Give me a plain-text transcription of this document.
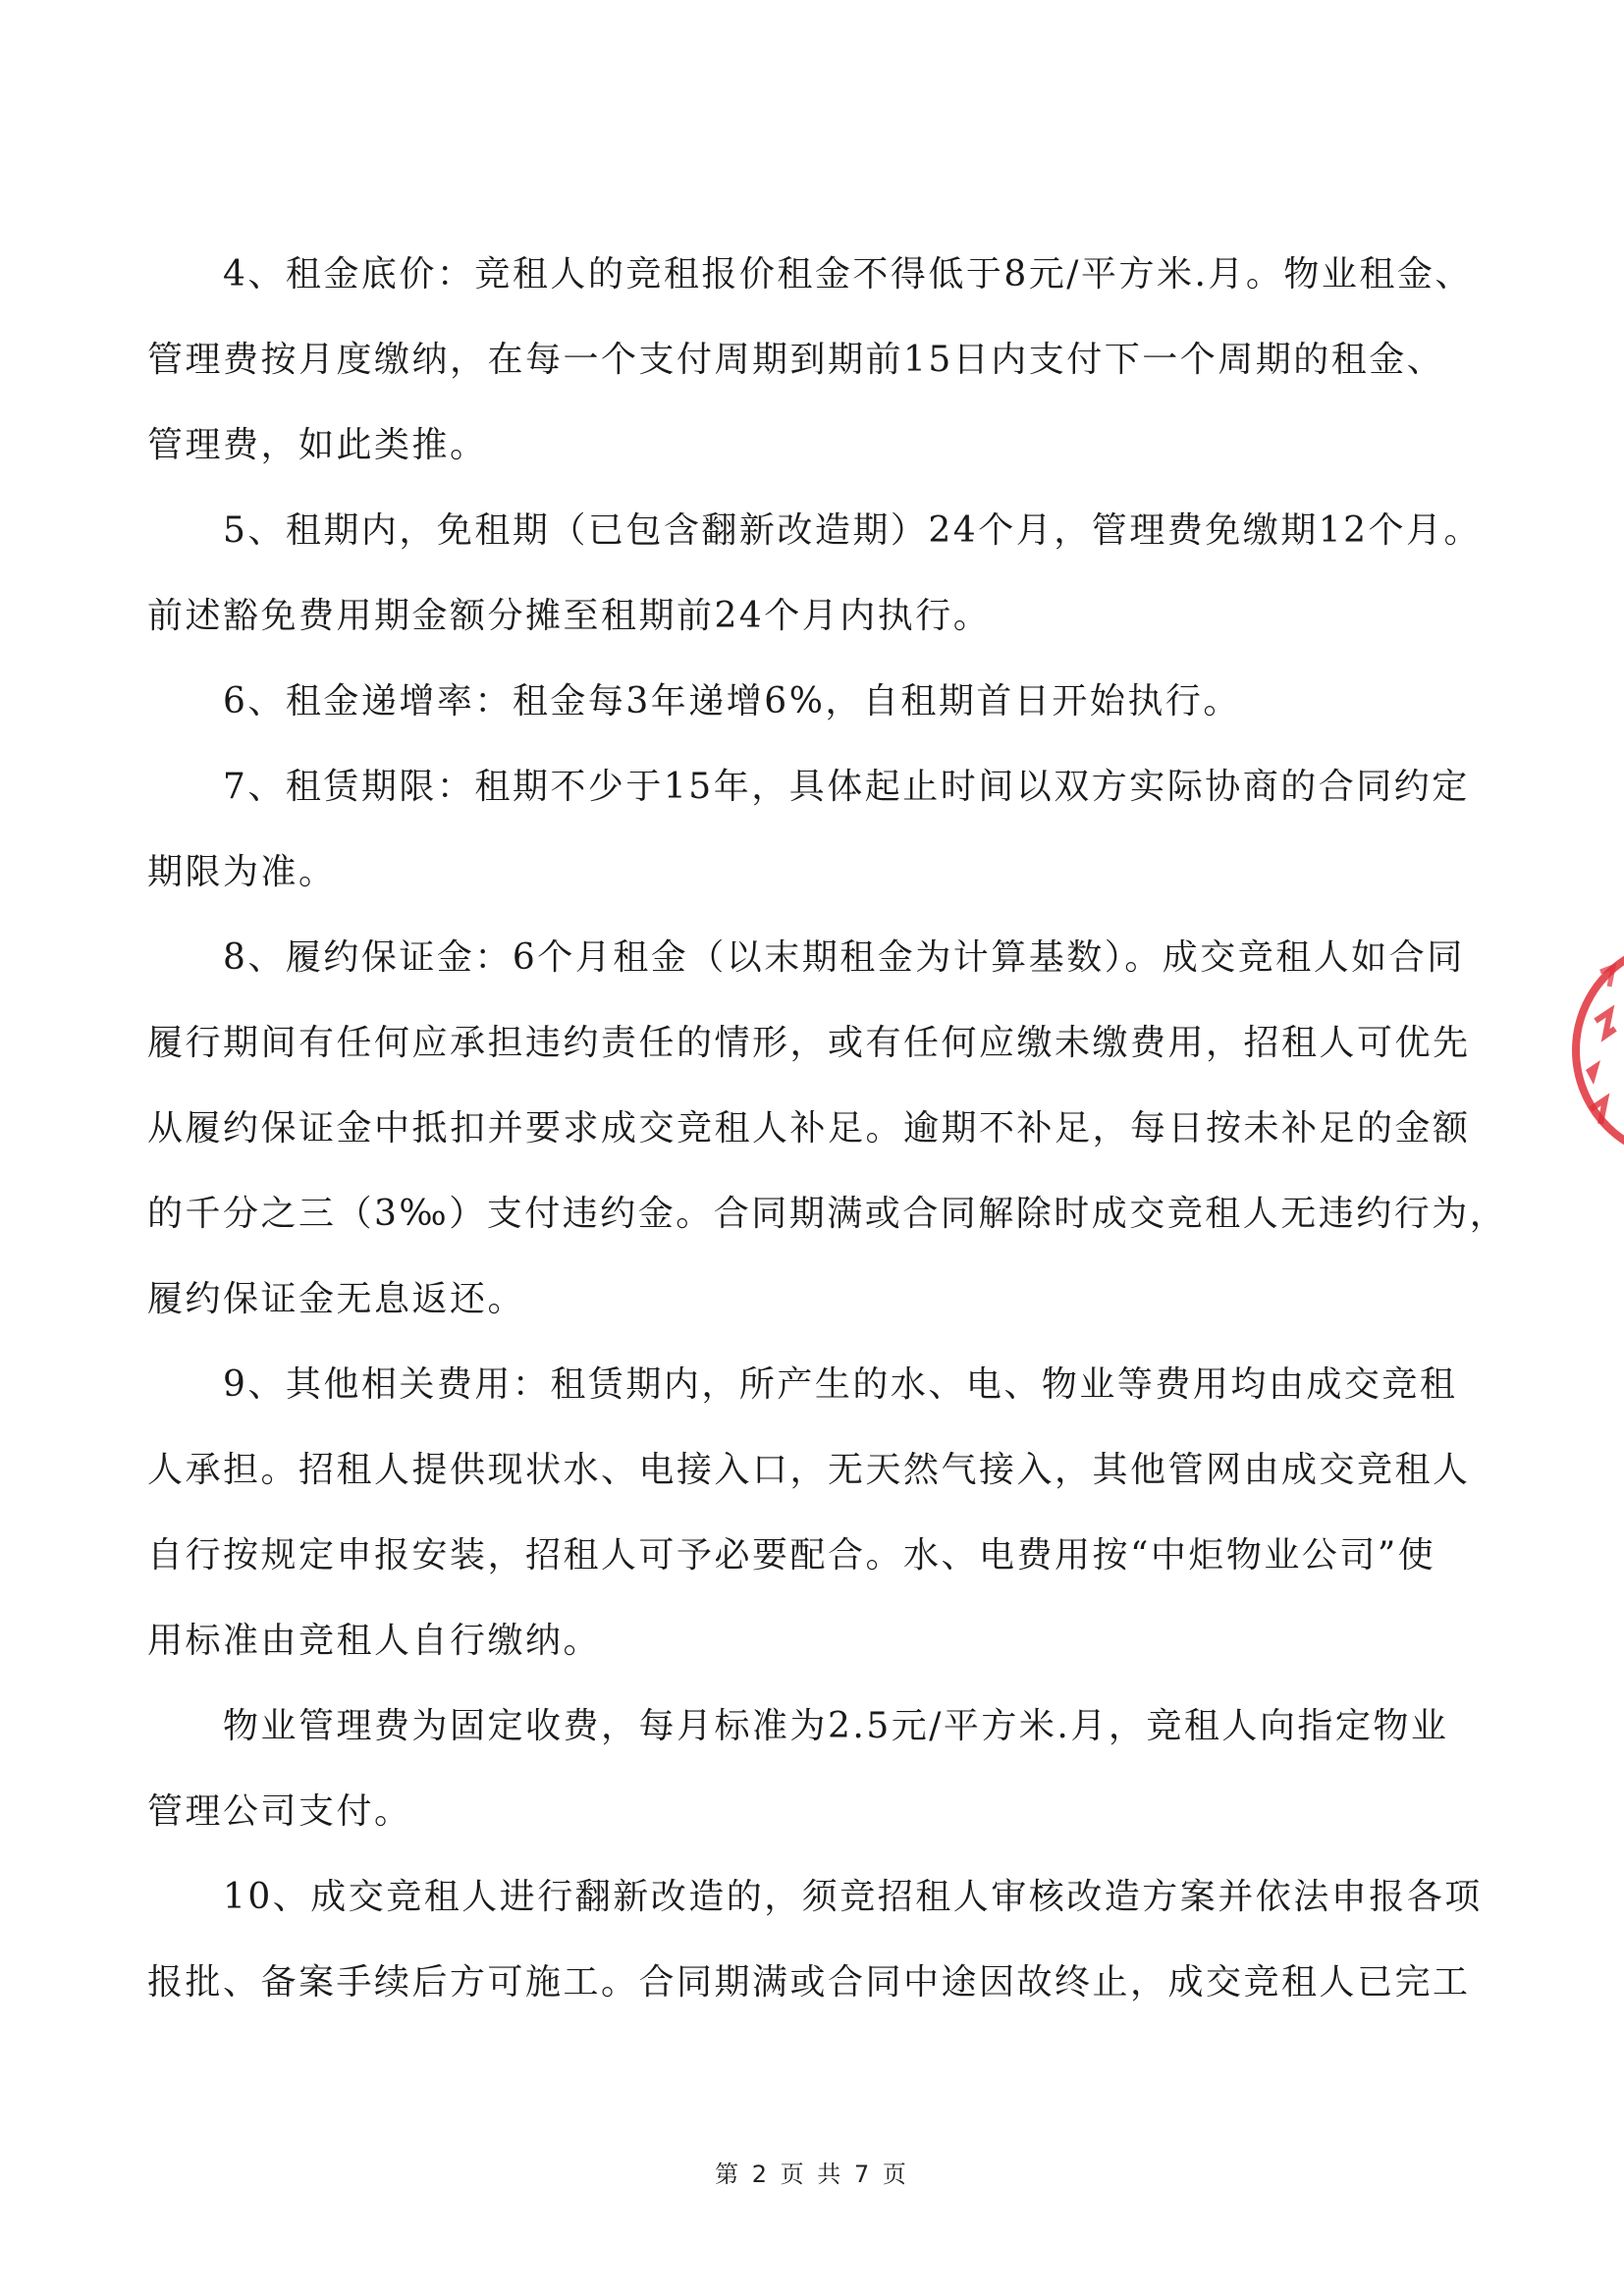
4、租金底价：竞租人的竞租报价租金不得低于8元/平方米.月。物业租金、
管理费按月度缴纳，在每一个支付周期到期前15日内支付下一个周期的租金、
管理费，如此类推。
5、租期内，免租期（已包含翻新改造期）24个月，管理费免缴期12个月。
前述豁免费用期金额分摊至租期前24个月内执行。
6、租金递增率：租金每3年递增6%，自租期首日开始执行。
7、租赁期限：租期不少于15年，具体起止时间以双方实际协商的合同约定
期限为准。
8、履约保证金：6个月租金（以末期租金为计算基数）。成交竞租人如合同
履行期间有任何应承担违约责任的情形，或有任何应缴未缴费用，招租人可优先
从履约保证金中抵扣并要求成交竞租人补足。逾期不补足，每日按未补足的金额
的千分之三（3‰）支付违约金。合同期满或合同解除时成交竞租人无违约行为，
履约保证金无息返还。
9、其他相关费用：租赁期内，所产生的水、电、物业等费用均由成交竞租
人承担。招租人提供现状水、电接入口，无天然气接入，其他管网由成交竞租人
自行按规定申报安装，招租人可予必要配合。水、电费用按“中炬物业公司”使
用标准由竞租人自行缴纳。
物业管理费为固定收费，每月标准为2.5元/平方米.月，竞租人向指定物业
管理公司支付。
10、成交竞租人进行翻新改造的，须竞招租人审核改造方案并依法申报各项
报批、备案手续后方可施工。合同期满或合同中途因故终止，成交竞租人已完工
第 2 页 共 7 页
